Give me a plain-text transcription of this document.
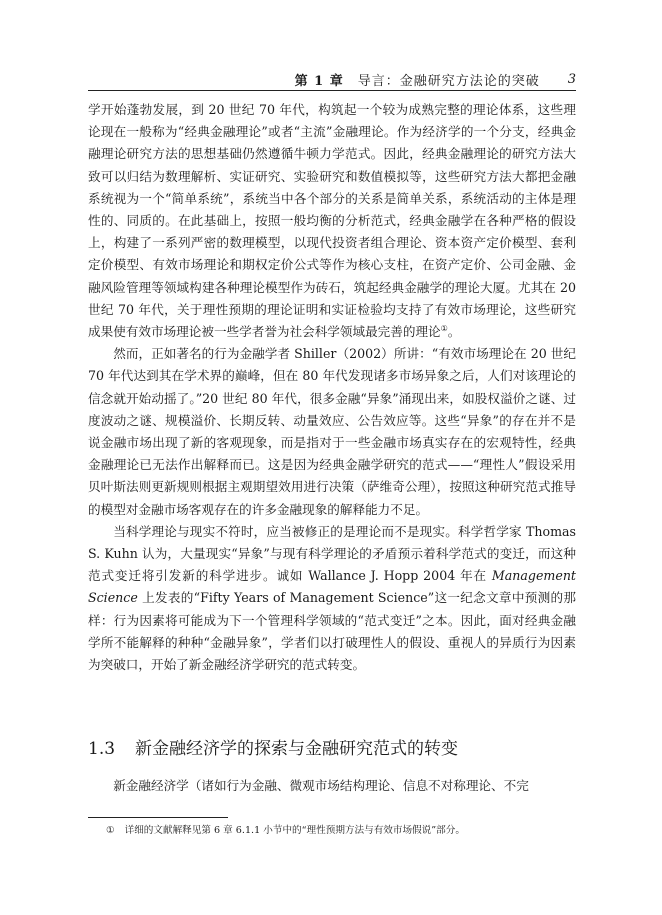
第 1 章 导言：金融研究方法论的突破 3

学开始蓬勃发展，到 20 世纪 70 年代，构筑起一个较为成熟完整的理论体系，这些理论现在一般称为“经典金融理论”或者“主流”金融理论。作为经济学的一个分支，经典金融理论研究方法的思想基础仍然遵循牛顿力学范式。因此，经典金融理论的研究方法大致可以归结为数理解析、实证研究、实验研究和数值模拟等，这些研究方法大都把金融系统视为一个“简单系统”，系统当中各个部分的关系是简单关系，系统活动的主体是理性的、同质的。在此基础上，按照一般均衡的分析范式，经典金融学在各种严格的假设上，构建了一系列严密的数理模型，以现代投资者组合理论、资本资产定价模型、套利定价模型、有效市场理论和期权定价公式等作为核心支柱，在资产定价、公司金融、金融风险管理等领域构建各种理论模型作为砖石，筑起经典金融学的理论大厦。尤其在 20 世纪 70 年代，关于理性预期的理论证明和实证检验均支持了有效市场理论，这些研究成果使有效市场理论被一些学者誉为社会科学领域最完善的理论①。

然而，正如著名的行为金融学者 Shiller（2002）所讲：“有效市场理论在 20 世纪 70 年代达到其在学术界的巅峰，但在 80 年代发现诸多市场异象之后，人们对该理论的信念就开始动摇了。”20 世纪 80 年代，很多金融“异象”涌现出来，如股权溢价之谜、过度波动之谜、规模溢价、长期反转、动量效应、公告效应等。这些“异象”的存在并不是说金融市场出现了新的客观现象，而是指对于一些金融市场真实存在的宏观特性，经典金融理论已无法作出解释而已。这是因为经典金融学研究的范式——“理性人”假设采用贝叶斯法则更新规则根据主观期望效用进行决策（萨维奇公理），按照这种研究范式推导的模型对金融市场客观存在的许多金融现象的解释能力不足。

当科学理论与现实不符时，应当被修正的是理论而不是现实。科学哲学家 Thomas S. Kuhn 认为，大量现实“异象”与现有科学理论的矛盾预示着科学范式的变迁，而这种范式变迁将引发新的科学进步。诚如 Wallance J. Hopp 2004 年在 Management Science 上发表的“Fifty Years of Management Science”这一纪念文章中预测的那样：行为因素将可能成为下一个管理科学领域的“范式变迁”之本。因此，面对经典金融学所不能解释的种种“金融异象”，学者们以打破理性人的假设、重视人的异质行为因素为突破口，开始了新金融经济学研究的范式转变。

1.3 新金融经济学的探索与金融研究范式的转变

新金融经济学（诸如行为金融、微观市场结构理论、信息不对称理论、不完

① 详细的文献解释见第 6 章 6.1.1 小节中的“理性预期方法与有效市场假说”部分。
